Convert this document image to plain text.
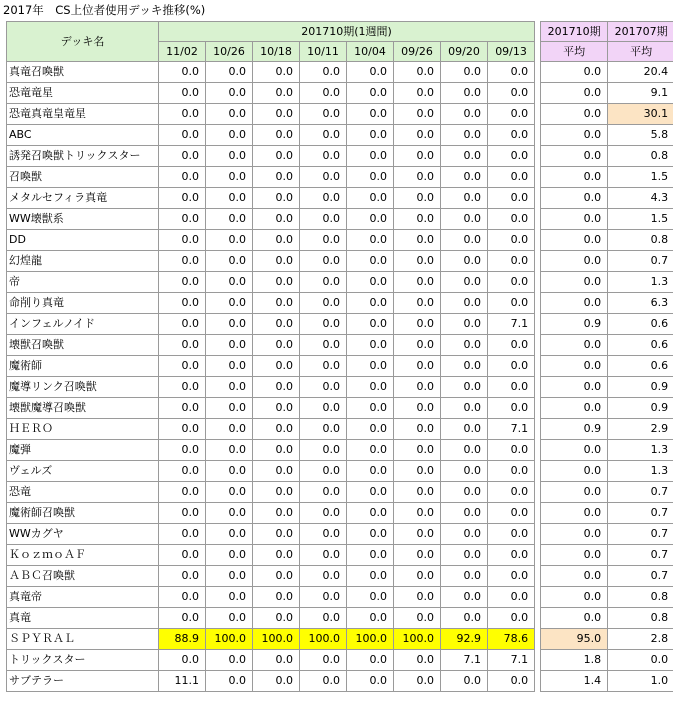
2017年　CS上位者使用デッキ推移(%)
デッキ名	201710期(1週間)									201710期	201707期
	11/02	10/26	10/18	10/11	10/04	09/26	09/20	09/13		平均	平均
真竜召喚獣	0.0	0.0	0.0	0.0	0.0	0.0	0.0	0.0		0.0	20.4
恐竜竜星	0.0	0.0	0.0	0.0	0.0	0.0	0.0	0.0		0.0	9.1
恐竜真竜皇竜星	0.0	0.0	0.0	0.0	0.0	0.0	0.0	0.0		0.0	30.1
ABC	0.0	0.0	0.0	0.0	0.0	0.0	0.0	0.0		0.0	5.8
誘発召喚獣トリックスター	0.0	0.0	0.0	0.0	0.0	0.0	0.0	0.0		0.0	0.8
召喚獣	0.0	0.0	0.0	0.0	0.0	0.0	0.0	0.0		0.0	1.5
メタルセフィラ真竜	0.0	0.0	0.0	0.0	0.0	0.0	0.0	0.0		0.0	4.3
WW壊獣系	0.0	0.0	0.0	0.0	0.0	0.0	0.0	0.0		0.0	1.5
DD	0.0	0.0	0.0	0.0	0.0	0.0	0.0	0.0		0.0	0.8
幻煌龍	0.0	0.0	0.0	0.0	0.0	0.0	0.0	0.0		0.0	0.7
帝	0.0	0.0	0.0	0.0	0.0	0.0	0.0	0.0		0.0	1.3
命削り真竜	0.0	0.0	0.0	0.0	0.0	0.0	0.0	0.0		0.0	6.3
インフェルノイド	0.0	0.0	0.0	0.0	0.0	0.0	0.0	7.1		0.9	0.6
壊獣召喚獣	0.0	0.0	0.0	0.0	0.0	0.0	0.0	0.0		0.0	0.6
魔術師	0.0	0.0	0.0	0.0	0.0	0.0	0.0	0.0		0.0	0.6
魔導リンク召喚獣	0.0	0.0	0.0	0.0	0.0	0.0	0.0	0.0		0.0	0.9
壊獣魔導召喚獣	0.0	0.0	0.0	0.0	0.0	0.0	0.0	0.0		0.0	0.9
ＨＥＲＯ	0.0	0.0	0.0	0.0	0.0	0.0	0.0	7.1		0.9	2.9
魔弾	0.0	0.0	0.0	0.0	0.0	0.0	0.0	0.0		0.0	1.3
ヴェルズ	0.0	0.0	0.0	0.0	0.0	0.0	0.0	0.0		0.0	1.3
恐竜	0.0	0.0	0.0	0.0	0.0	0.0	0.0	0.0		0.0	0.7
魔術師召喚獣	0.0	0.0	0.0	0.0	0.0	0.0	0.0	0.0		0.0	0.7
WWカグヤ	0.0	0.0	0.0	0.0	0.0	0.0	0.0	0.0		0.0	0.7
ＫｏｚｍｏＡＦ	0.0	0.0	0.0	0.0	0.0	0.0	0.0	0.0		0.0	0.7
ＡＢＣ召喚獣	0.0	0.0	0.0	0.0	0.0	0.0	0.0	0.0		0.0	0.7
真竜帝	0.0	0.0	0.0	0.0	0.0	0.0	0.0	0.0		0.0	0.8
真竜	0.0	0.0	0.0	0.0	0.0	0.0	0.0	0.0		0.0	0.8
ＳＰＹＲＡＬ	88.9	100.0	100.0	100.0	100.0	100.0	92.9	78.6		95.0	2.8
トリックスター	0.0	0.0	0.0	0.0	0.0	0.0	7.1	7.1		1.8	0.0
サブテラー	11.1	0.0	0.0	0.0	0.0	0.0	0.0	0.0		1.4	1.0
